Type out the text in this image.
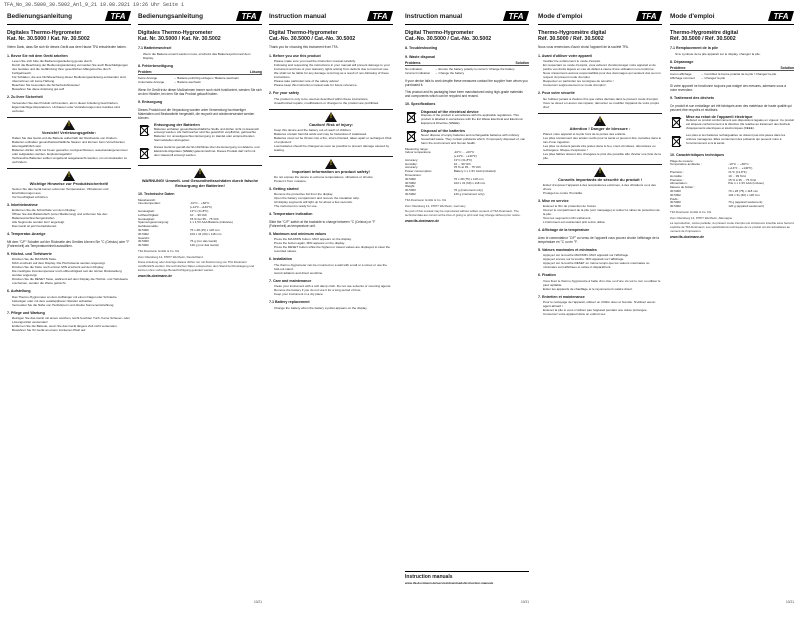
TFA_No_30.5000_30.5002_Anl_9_21 19.08.2021 19:26 Uhr Seite 1
Bedienungsanleitung	TFA
Digitales Thermo-Hygrometer
Kat. Nr. 30.5000 / Kat. Nr. 30.5002
Vielen Dank, dass Sie sich für dieses Gerät aus dem Hause TFA entschieden haben.
1. Bevor Sie mit dem Gerät arbeiten
• Lesen Sie sich bitte die Bedienungsanleitung genau durch.
• Durch die Beachtung der Bedienungsanleitung vermeiden Sie auch Beschädigungen des Gerätes und die Gefährdung Ihrer gesetzlichen Mängelrechte durch Fehlgebrauch.
• Für Schäden, die aus Nichtbeachtung dieser Bedienungsanleitung entstanden sind, übernehmen wir keine Haftung.
• Beachten Sie besonders die Sicherheitshinweise!
• Bewahren Sie diese Anleitung gut auf!
2. Zu Ihrer Sicherheit
• Verwenden Sie das Produkt nicht anders, als in dieser Anleitung beschrieben.
• Eigenmächtige Reparaturen, Umbauten oder Veränderungen des Gerätes sind verboten.
!
Vorsicht! Verletzungsgefahr:
• Halten Sie das Gerät und die Batterie außerhalb der Reichweite von Kindern.
• Batterien enthalten gesundheitsschädliche Säuren und können beim Verschlucken lebensgefährlich sein.
• Batterien dürfen nicht ins Feuer geworfen, kurzgeschlossen, auseinandergenommen oder aufgeladen werden. Explosionsgefahr!
• Verbrauchte Batterien sollten umgehend ausgetauscht werden, um ein Auslaufen zu verhindern.
!
Wichtige Hinweise zur Produktsicherheit!
• Setzen Sie das Gerät keinen extremen Temperaturen, Vibrationen und Erschütterungen aus.
• Vor Feuchtigkeit schützen.
3. Inbetriebnahme
• Entfernen Sie die Schutzfolie von dem Display.
• Öffnen Sie das Batteriefach (unter Markierung) und entfernen Sie den Batterieunterbrechungsstreifen.
• Alle Segmente werden kurz angezeigt.
• Das Gerät ist jetzt betriebsbereit.
4. Temperatur-Anzeige
Mit dem "C/F" Schalter auf der Rückseite des Gerätes können Sie °C (Celsius) oder °F (Fahrenheit) als Temperatureinheit auswählen.
5. Höchst- und Tiefstwerte
• Drücken Sie die MAX/MIN Taste.
• MAX erscheint auf dem Display. Die Höchstwerte werden angezeigt.
• Drücken Sie die Taste noch einmal. MIN erscheint auf dem Display.
• Die niedrigste Innentemperatur und Luftfeuchtigkeit seit der letzten Rückstellung werden angezeigt.
• Drücken Sie die RESET Taste, während auf dem Display die Höchst- und Tiefstwerte erscheinen, werden die Werte gelöscht.
6. Aufstellung
• Das Thermo-Hygrometer an dem Aufhänger mit einem Nagel oder Schraube befestigen oder mit dem ausklappbaren Ständer aufstellen.
• Vermeiden Sie die Nähe von Heizkörpern und direkte Sonneneinstrahlung.
7. Pflege und Wartung
• Reinigen Sie das Gerät mit einem weichen, leicht feuchten Tuch. Keine Scheuer- oder Lösungsmittel verwenden!
• Entfernen Sie die Batterie, wenn Sie das Gerät längere Zeit nicht verwenden.
• Bewahren Sie Ihr Gerät an einem trockenen Platz auf.
Bedienungsanleitung	TFA
Digitales Thermo-Hygrometer
Kat. Nr. 30.5000 / Kat. Nr. 30.5002
7.1 Batteriewechsel
• Wenn die Batterie ersetzt werden muss, erscheint das Batteriesymbol auf dem Display.
8. Fehlerbeseitigung
Problem	Lösung
Keine Anzeige	→ Batterie polrichtig einlegen / Batterie wechseln
Unkorrekte Anzeige	→ Batterie wechseln
Wenn Ihr Gerät trotz dieser Maßnahmen immer noch nicht funktioniert, wenden Sie sich an den Händler, bei dem Sie das Produkt gekauft haben.
9. Entsorgung
Dieses Produkt und die Verpackung wurden unter Verwendung hochwertiger Materialien und Bestandteile hergestellt, die recycelt und wiederverwendet werden können.
Entsorgung der Batterien
Batterien enthalten gesundheitsschädliche Stoffe und dürfen nicht im Hausmüll entsorgt werden. Als Verbraucher sind Sie gesetzlich verpflichtet, gebrauchte Batterien zur umweltgerechten Entsorgung im Handel oder entsprechenden Sammelstellen abzugeben.
Dieses Gerät ist gemäß der EU-Richtlinie über die Entsorgung von Elektro- und Elektronik-Altgeräten (WEEE) gekennzeichnet. Dieses Produkt darf nicht mit dem Hausmüll entsorgt werden.
!
WARNUNG! Umwelt- und Gesundheitsschäden durch falsche Entsorgung der Batterien!
10. Technische Daten
Messbereich:	
Innentemperatur:	-10°C... +60°C
	(+14°F...+140°F)
Genauigkeit:	±1°C (±1,8°F)
Luftfeuchtigkeit:	10 ... 99 %rF
Genauigkeit:	±5 % bei 35... 75 %rF
Spannungsversorgung:	1 x 1,5V AAA Batterie (inklusive)
Gehäusemaße:	
30.5000	76 x 28 (15) x 118 mm
30.5002	103 x 31 (60) x 118 mm
Gewicht:	
30.5000	76 g (nur das Gerät)
30.5002	120 g (nur das Gerät)
TFA Dostmann GmbH & Co. KG
Zum Ottersberg 12, 97877 Wertheim, Deutschland
Diese Anleitung oder Auszüge daraus dürfen nur mit Zustimmung von TFA Dostmann veröffentlicht werden. Die technischen Daten entsprechen dem Stand bei Drucklegung und können ohne vorherige Benachrichtigung geändert werden.
www.tfa-dostmann.de
10/21
Instruction manual	TFA
Digital Thermo-Hygrometer
Cat.-No. 30.5000 / Cat.-No. 30.5002
Thank you for choosing this instrument from TFA.
1. Before you use this product
• Please make sure you read the instruction manual carefully.
• Following and respecting the instructions in your manual will prevent damage to your instrument and loss of your statutory rights arising from defects due to incorrect use.
• We shall not be liable for any damage occurring as a result of non-following of these instructions.
• Please take particular note of the safety advice!
• Please keep this instruction manual safe for future reference.
2. For your safety
• The product is only to be used as described within these instructions.
• Unauthorized repairs, modifications or changes to the product are prohibited.
!
Caution! Risk of injury:
• Keep this device and the battery out of reach of children.
• Batteries contain harmful acids and may be hazardous if swallowed.
• Batteries must not be thrown into a fire, short-circuited, taken apart or recharged. Risk of explosion!
• Low batteries should be changed as soon as possible to prevent damage caused by leaking.
!
Important information on product safety!
• Do not expose the device to extreme temperatures, vibrations or shocks.
• Protect it from moisture.
3. Getting started
• Remove the protective foil from the display.
• Open the battery compartment and remove the insulation strip.
• All display segments will light up for about a few seconds.
• The instrument is ready for use.
4. Temperature indication
Slide the "C/F" switch at the backside to change between °C (Celsius) or °F (Fahrenheit) as temperature unit.
5. Maximum and minimum values
• Press the MAX/MIN button. MAX appears on the display.
• Press the button again. MIN appears on the display.
• Press the RESET button while the highest or lowest values are displayed to clear the recorded values.
6. Installation
• The thermo-hygrometer can be mounted on a wall with a nail or a screw or use the fold-out stand.
• Avoid radiators and direct sunshine.
7. Care and maintenance
• Clean your instrument with a soft damp cloth. Do not use solvents or scouring agents.
• Remove the battery if you do not use it for a long period of time.
• Keep your instrument in a dry place.
7.1 Battery replacement
• Change the battery when the battery symbol appears on the display.
Instruction manual	TFA
Digital Thermo-Hygrometer
Cat.-No. 30.5000 / Cat.-No. 30.5002
8. Troubleshooting
9. Waste disposal
Problems	Solution
No indication	→ Ensure the battery polarity is correct / Change the battery
Incorrect indication	→ Change the battery
If your device fails to work despite these measures contact the supplier from whom you purchased it.
This product and its packaging have been manufactured using high-grade materials and components which can be recycled and reused.
10. Specifications
Disposal of the electrical device
Dispose of the product in accordance with the applicable regulations. This product is labelled in accordance with the EU Waste Electrical and Electronic Equipment Directive (WEEE).
Disposal of the batteries
Never dispose of empty batteries and rechargeable batteries with ordinary household waste. They contain pollutants which, if improperly disposed of, can harm the environment and human health.
Measuring range:	
Indoor temperature:	-10°C ... +60°C
	(+14°F... +140°F)
Accuracy:	±1°C (±1,8°F)
Humidity:	10 ... 99 %rh
Accuracy:	±5 % at 35... 75 %rh
Power consumption:	Battery 1 x 1.5V AAA (included)
Dimensions:	
30.5000	76 x 28 (75) x 118 mm
30.5002	103 x 31 (60) x 118 mm
Weight:	
30.5000	76 g (instrument only)
30.5002	120 g (instrument only)
TFA Dostmann GmbH & Co. KG
Zum Ottersberg 12, 97877 Wertheim, Germany
No part of this manual may be reproduced without written consent of TFA Dostmann. The technical data are correct at the time of going to print and may change without prior notice.
www.tfa-dostmann.de
10/21
Instruction manuals
www.tfa-dostmann.de/service/downloads/instruction-manuals
Mode d'emploi	TFA
Thermo-Hygromètre digital
Réf. 30.5000 / Réf. 30.5002
Nous vous remercions d'avoir choisi l'appareil de la société TFA.
1. Avant d'utiliser votre appareil
• Veuillez lire entièrement le mode d'emploi.
• En respectant ce mode d'emploi, vous éviterez d'endommager votre appareil et de perdre vos droits légaux en cas de défaut à cause d'une utilisation non-conforme.
• Nous n'assumons aucune responsabilité pour des dommages qui seraient dus au non respect du présent mode d'emploi.
• Respectez en particulier les consignes de sécurité !
• Conservez soigneusement ce mode d'emploi !
2. Pour votre sécurité
• Ne l'utilisez jamais à d'autres fins que celles décrites dans le présent mode d'emploi.
• Vous ne devez en aucun cas réparer, démonter ou modifier l'appareil de votre propre chef.
!
Attention ! Danger de blessure :
• Placez votre appareil et la pile hors de la portée des enfants.
• Les piles contiennent des acides nocifs pour la santé et peuvent être mortelles dans le cas d'une ingestion.
• Les piles ne doivent jamais être jetées dans le feu, court-circuitées, démontées ou rechargées. Risque d'explosion !
• Les piles faibles doivent être changées le plus vite possible afin d'éviter une fuite de la pile.
!
Conseils importants de sécurité du produit !
• Evitez d'exposer l'appareil à des températures extrêmes, à des vibrations ou à des chocs.
• Protégez-le contre l'humidité.
3. Mise en service
• Enlevez le film de protection de l'écran.
• Ouvrez le compartiment de la pile (voir marquage) et retirez la ruban de protection de la pile.
• Tous les segments LCD s'allument.
• L'instrument est maintenant prêt à être utilisé.
4. Affichage de la température
Avec le commutateur "C/F" au verso de l'appareil vous pouvez choisir l'affichage de la température en °C ou en °F.
5. Valeurs maximales et minimales
• Appuyez sur la touche MAX/MIN. MAX apparaît sur l'affichage.
• Appuyez encore sur la touche. MIN apparaît sur l'affichage.
• Appuyez sur la touche RESET en même temps que les valeurs maximales ou minimales sont affichées et celles-ci disparaîtront.
6. Fixation
• Vous fixez le thermo-hygromètre à l'aide d'un clou ou d'une vis sur le mur ou utiliser le pied repliable.
• Eviter les appareils de chauffage et le rayonnement solaire direct.
7. Entretien et maintenance
• Pour le nettoyage de l'appareil, utilisez un chiffon doux et humide. N'utilisez aucun agent abrasif !
• Enlevez la pile si vous n'utilisez pas l'appareil pendant une durée prolongée.
• Conservez votre appareil dans un endroit sec.
Mode d'emploi	TFA
Thermo-Hygromètre digital
Réf. 30.5000 / Réf. 30.5002
7.1 Remplacement de la pile
• Si le symbole de la pile apparaît sur le display, changez la pile.
8. Dépannage
Problème	Solution
Aucun affichage	→ Contrôlez la bonne polarité de la pile / Changez la pile
Affichage incorrect	→ Changez la pile
Si votre appareil ne fonctionne toujours pas malgré ces mesures, adressez-vous à votre revendeur.
9. Traitement des déchets
Ce produit et son emballage ont été fabriqués avec des matériaux de haute qualité qui peuvent être recyclés et réutilisés.
Mise au rebut de l'appareil électrique
Rebutez ce produit conformément aux dispositions légales en vigueur. Ce produit est étiqueté conformément à la directive UE relative au traitement des déchets d'équipements électriques et électroniques (DEEE).
Les piles et les batteries rechargeables ne doivent pas être jetées dans les ordures ménagères. Elles contiennent des polluants qui peuvent nuire à l'environnement et à la santé.
10. Caractéristiques techniques
Plage de mesure :	
Température ambiante :	-10°C ... +60°C
	(+14°F ... +140°F)
Précision :	±1°C (±1,8°F)
Humidité :	10 ... 99 %rH
Précision :	±5 % à 35 ... 75 %rH
Alimentation :	Pile 1 x 1,5V AAA (incluse)
Mesure du boîtier :	
30.5000	76 x 28 (75) x 118 mm
30.5002	103 x 31 (60) x 118 mm
Poids :	
30.5000	76 g (appareil seulement)
30.5002	120 g (appareil seulement)
TFA Dostmann GmbH & Co. KG
Zum Ottersberg 12, 97877 Wertheim, Allemagne
La reproduction, même partielle, du présent mode d'emploi est strictement interdite sans l'accord explicite de TFA Dostmann. Les spécifications techniques de ce produit ont été actualisées au moment de l'impression.
www.tfa-dostmann.de
10/21
